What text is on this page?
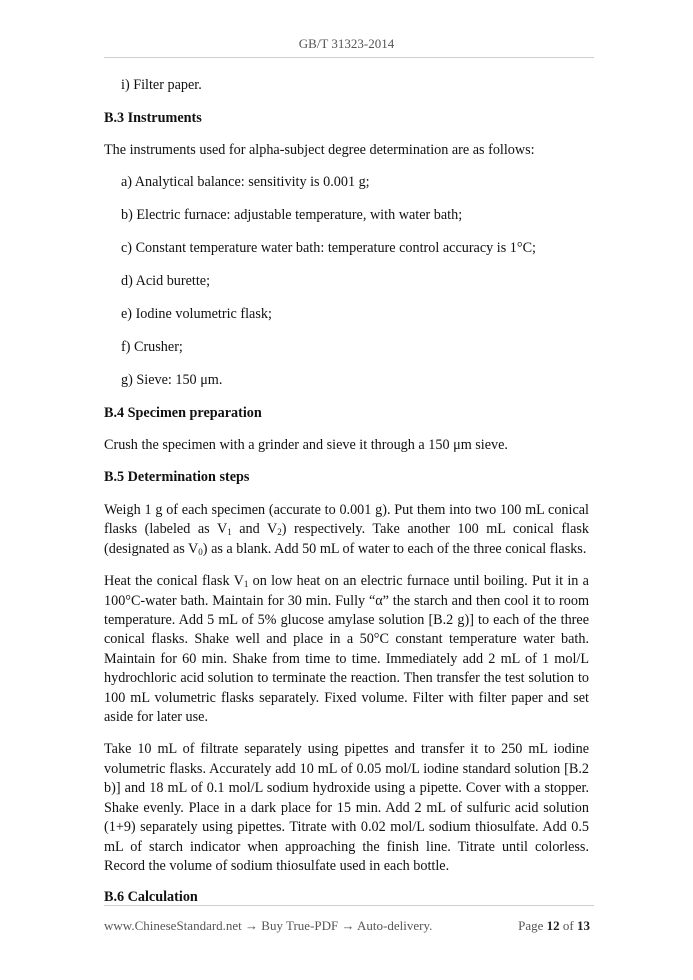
GB/T 31323-2014

i) Filter paper.

B.3 Instruments

The instruments used for alpha-subject degree determination are as follows:

a) Analytical balance: sensitivity is 0.001 g;

b) Electric furnace: adjustable temperature, with water bath;

c) Constant temperature water bath: temperature control accuracy is 1°C;

d) Acid burette;

e) Iodine volumetric flask;

f) Crusher;

g) Sieve: 150 μm.

B.4 Specimen preparation

Crush the specimen with a grinder and sieve it through a 150 μm sieve.

B.5 Determination steps

Weigh 1 g of each specimen (accurate to 0.001 g). Put them into two 100 mL conical flasks (labeled as $V_1$ and $V_2$) respectively. Take another 100 mL conical flask (designated as $V_0$) as a blank. Add 50 mL of water to each of the three conical flasks.

Heat the conical flask $V_1$ on low heat on an electric furnace until boiling. Put it in a 100°C-water bath. Maintain for 30 min. Fully “α” the starch and then cool it to room temperature. Add 5 mL of 5% glucose amylase solution [B.2 g)] to each of the three conical flasks. Shake well and place in a 50°C constant temperature water bath. Maintain for 60 min. Shake from time to time. Immediately add 2 mL of 1 mol/L hydrochloric acid solution to terminate the reaction. Then transfer the test solution to 100 mL volumetric flasks separately. Fixed volume. Filter with filter paper and set aside for later use.

Take 10 mL of filtrate separately using pipettes and transfer it to 250 mL iodine volumetric flasks. Accurately add 10 mL of 0.05 mol/L iodine standard solution [B.2 b)] and 18 mL of 0.1 mol/L sodium hydroxide using a pipette. Cover with a stopper. Shake evenly. Place in a dark place for 15 min. Add 2 mL of sulfuric acid solution (1+9) separately using pipettes. Titrate with 0.02 mol/L sodium thiosulfate. Add 0.5 mL of starch indicator when approaching the finish line. Titrate until colorless. Record the volume of sodium thiosulfate used in each bottle.

B.6 Calculation

www.ChineseStandard.net → Buy True-PDF → Auto-delivery.	Page 12 of 13
